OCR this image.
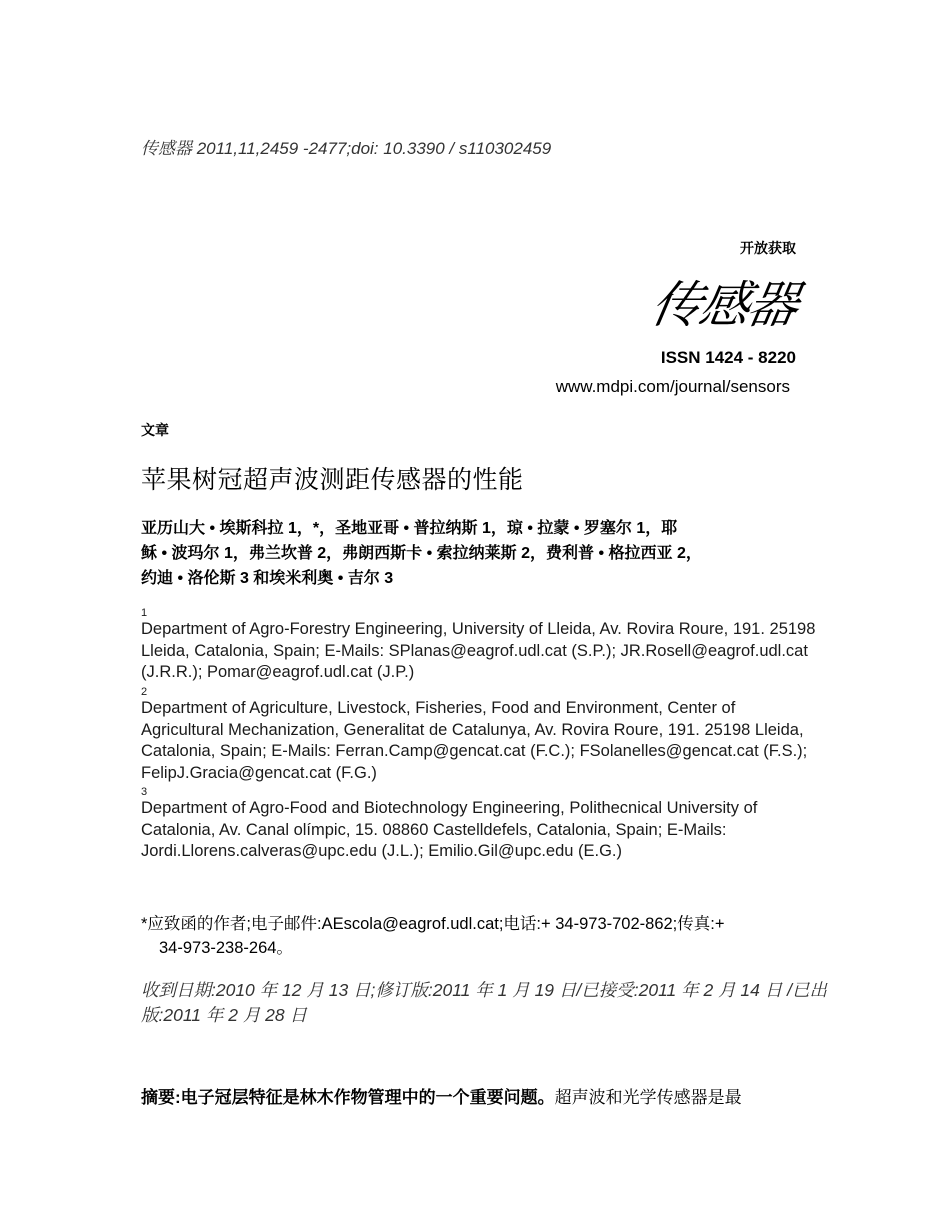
传感器 2011,11,2459 -2477;doi: 10.3390 / s110302459
开放获取
传感器
ISSN 1424 - 8220
www.mdpi.com/journal/sensors
文章
苹果树冠超声波测距传感器的性能
亚历山大 • 埃斯科拉 1，*，圣地亚哥 • 普拉纳斯 1，琼 • 拉蒙 • 罗塞尔 1，耶
稣 • 波玛尔 1，弗兰坎普 2，弗朗西斯卡 • 索拉纳莱斯 2，费利普 • 格拉西亚 2，
约迪 • 洛伦斯 3 和埃米利奥 • 吉尔 3
1
Department of Agro-Forestry Engineering, University of Lleida, Av. Rovira Roure, 191. 25198 Lleida, Catalonia, Spain; E-Mails: SPlanas@eagrof.udl.cat (S.P.); JR.Rosell@eagrof.udl.cat (J.R.R.); Pomar@eagrof.udl.cat (J.P.)
2
Department of Agriculture, Livestock, Fisheries, Food and Environment, Center of Agricultural Mechanization, Generalitat de Catalunya, Av. Rovira Roure, 191. 25198 Lleida, Catalonia, Spain; E-Mails: Ferran.Camp@gencat.cat (F.C.); FSolanelles@gencat.cat (F.S.); FelipJ.Gracia@gencat.cat (F.G.)
3
Department of Agro-Food and Biotechnology Engineering, Polithecnical University of Catalonia, Av. Canal olímpic, 15. 08860 Castelldefels, Catalonia, Spain; E-Mails: Jordi.Llorens.calveras@upc.edu (J.L.); Emilio.Gil@upc.edu (E.G.)
*应致函的作者;电子邮件:AEscola@eagrof.udl.cat;电话:+ 34-973-702-862;传真:+
34-973-238-264。
收到日期:2010 年 12 月 13 日;修订版:2011 年 1 月 19 日/已接受:2011 年 2 月 14 日 /已出版:2011 年 2 月 28 日
摘要:电子冠层特征是林木作物管理中的一个重要问题。超声波和光学传感器是最
